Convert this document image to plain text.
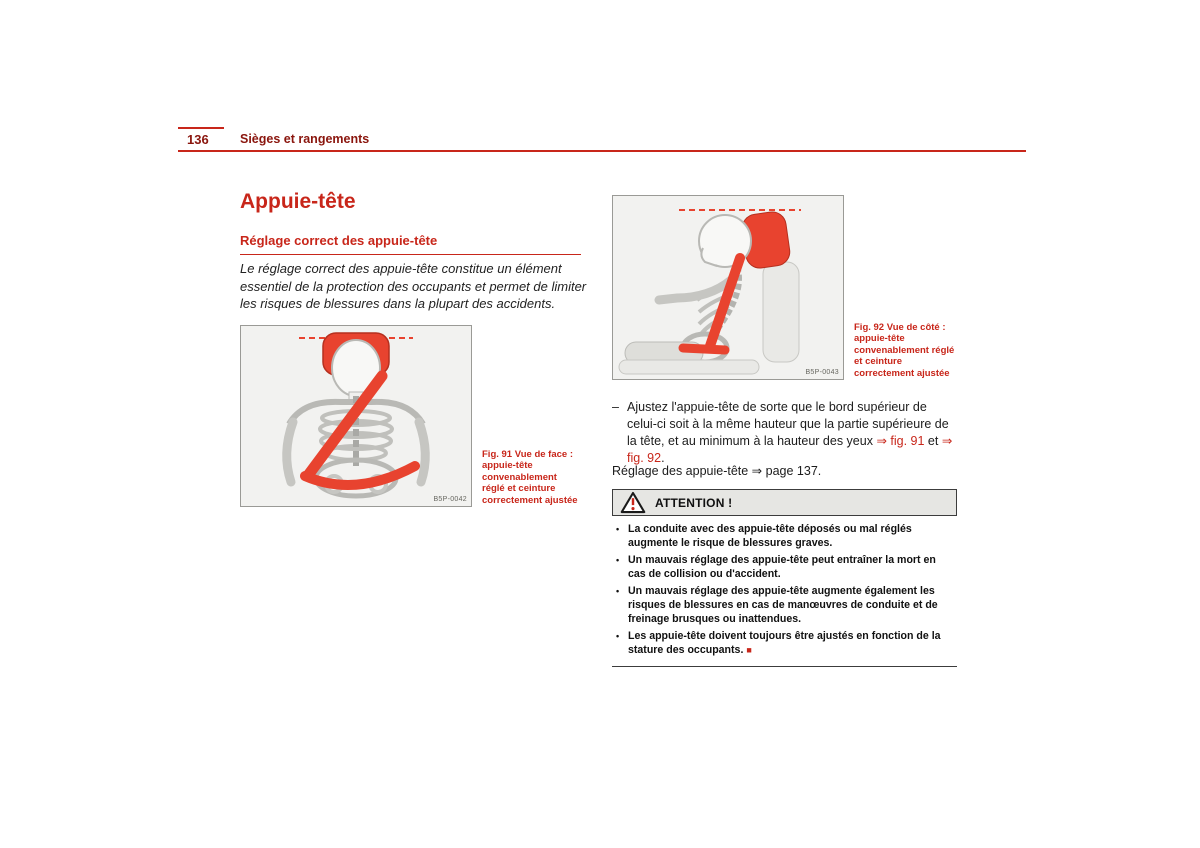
136	Sièges et rangements
Appuie-tête
Réglage correct des appuie-tête

Le réglage correct des appuie-tête constitue un élément essentiel de la protection des occupants et permet de limiter les risques de blessures dans la plupart des accidents.

B5P-0042
Fig. 91 Vue de face : appuie-tête convenablement réglé et ceinture correctement ajustée
B5P-0043
Fig. 92 Vue de côté : appuie-tête convenablement réglé et ceinture correctement ajustée
– Ajustez l'appuie-tête de sorte que le bord supérieur de celui-ci soit à la même hauteur que la partie supérieure de la tête, et au minimum à la hauteur des yeux ⇒ fig. 91 et ⇒ fig. 92.

Réglage des appuie-tête ⇒ page 137.

ATTENTION !
• La conduite avec des appuie-tête déposés ou mal réglés augmente le risque de blessures graves.
• Un mauvais réglage des appuie-tête peut entraîner la mort en cas de collision ou d'accident.
• Un mauvais réglage des appuie-tête augmente également les risques de blessures en cas de manœuvres de conduite et de freinage brusques ou inattendues.
• Les appuie-tête doivent toujours être ajustés en fonction de la stature des occupants. ■
